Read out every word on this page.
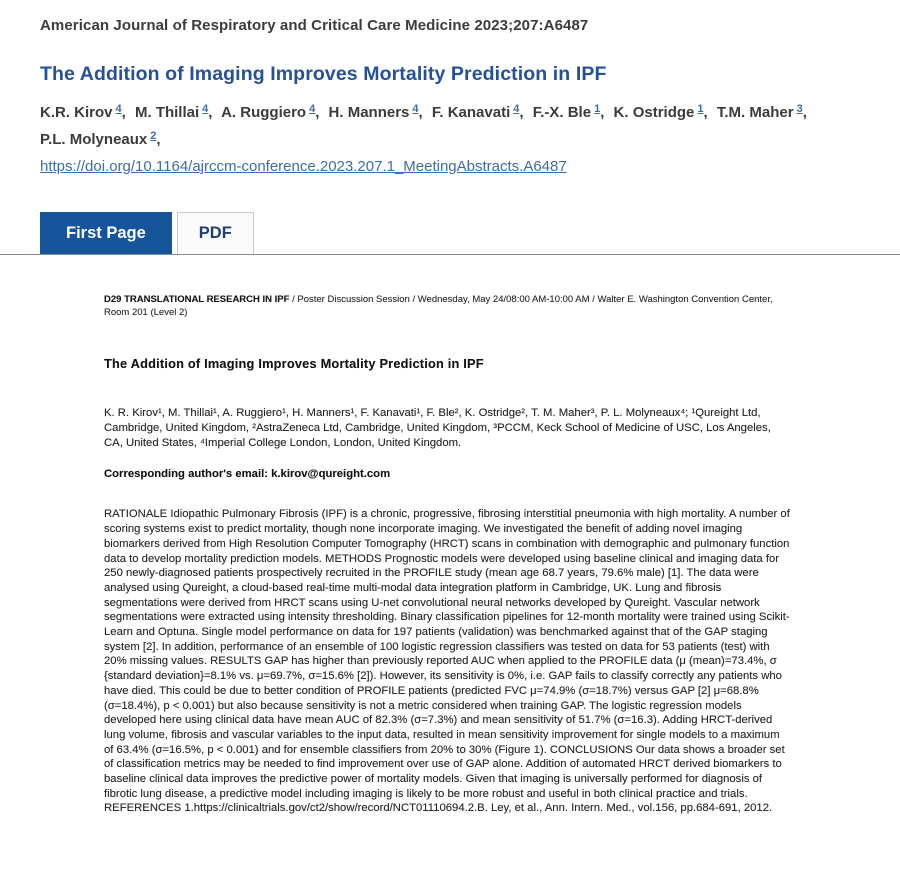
American Journal of Respiratory and Critical Care Medicine 2023;207:A6487
The Addition of Imaging Improves Mortality Prediction in IPF
K.R. Kirov $^4$, M. Thillai $^4$, A. Ruggiero $^4$, H. Manners $^4$, F. Kanavati $^4$, F.-X. Ble $^1$, K. Ostridge $^1$, T.M. Maher $^3$, P.L. Molyneaux $^2$,
https://doi.org/10.1164/ajrccm-conference.2023.207.1_MeetingAbstracts.A6487
First Page	PDF
D29 TRANSLATIONAL RESEARCH IN IPF / Poster Discussion Session / Wednesday, May 24/08:00 AM-10:00 AM / Walter E. Washington Convention Center, Room 201 (Level 2)
The Addition of Imaging Improves Mortality Prediction in IPF
K. R. Kirov¹, M. Thillai¹, A. Ruggiero¹, H. Manners¹, F. Kanavati¹, F. Ble², K. Ostridge², T. M. Maher³, P. L. Molyneaux⁴; ¹Qureight Ltd, Cambridge, United Kingdom, ²AstraZeneca Ltd, Cambridge, United Kingdom, ³PCCM, Keck School of Medicine of USC, Los Angeles, CA, United States, ⁴Imperial College London, London, United Kingdom.
Corresponding author's email: k.kirov@qureight.com
RATIONALE Idiopathic Pulmonary Fibrosis (IPF) is a chronic, progressive, fibrosing interstitial pneumonia with high mortality. A number of scoring systems exist to predict mortality, though none incorporate imaging. We investigated the benefit of adding novel imaging biomarkers derived from High Resolution Computer Tomography (HRCT) scans in combination with demographic and pulmonary function data to develop mortality prediction models. METHODS Prognostic models were developed using baseline clinical and imaging data for 250 newly-diagnosed patients prospectively recruited in the PROFILE study (mean age 68.7 years, 79.6% male) [1]. The data were analysed using Qureight, a cloud-based real-time multi-modal data integration platform in Cambridge, UK. Lung and fibrosis segmentations were derived from HRCT scans using U-net convolutional neural networks developed by Qureight. Vascular network segmentations were extracted using intensity thresholding. Binary classification pipelines for 12-month mortality were trained using Scikit-Learn and Optuna. Single model performance on data for 197 patients (validation) was benchmarked against that of the GAP staging system [2]. In addition, performance of an ensemble of 100 logistic regression classifiers was tested on data for 53 patients (test) with 20% missing values. RESULTS GAP has higher than previously reported AUC when applied to the PROFILE data (μ (mean)=73.4%, σ {standard deviation}=8.1% vs. μ=69.7%, σ=15.6% [2]). However, its sensitivity is 0%, i.e. GAP fails to classify correctly any patients who have died. This could be due to better condition of PROFILE patients (predicted FVC μ=74.9% (σ=18.7%) versus GAP [2] μ=68.8% (σ=18.4%), p < 0.001) but also because sensitivity is not a metric considered when training GAP. The logistic regression models developed here using clinical data have mean AUC of 82.3% (σ=7.3%) and mean sensitivity of 51.7% (σ=16.3). Adding HRCT-derived lung volume, fibrosis and vascular variables to the input data, resulted in mean sensitivity improvement for single models to a maximum of 63.4% (σ=16.5%, p < 0.001) and for ensemble classifiers from 20% to 30% (Figure 1). CONCLUSIONS Our data shows a broader set of classification metrics may be needed to find improvement over use of GAP alone. Addition of automated HRCT derived biomarkers to baseline clinical data improves the predictive power of mortality models. Given that imaging is universally performed for diagnosis of fibrotic lung disease, a predictive model including imaging is likely to be more robust and useful in both clinical practice and trials. REFERENCES 1.https://clinicaltrials.gov/ct2/show/record/NCT01110694.2.B. Ley, et al., Ann. Intern. Med., vol.156, pp.684-691, 2012.
